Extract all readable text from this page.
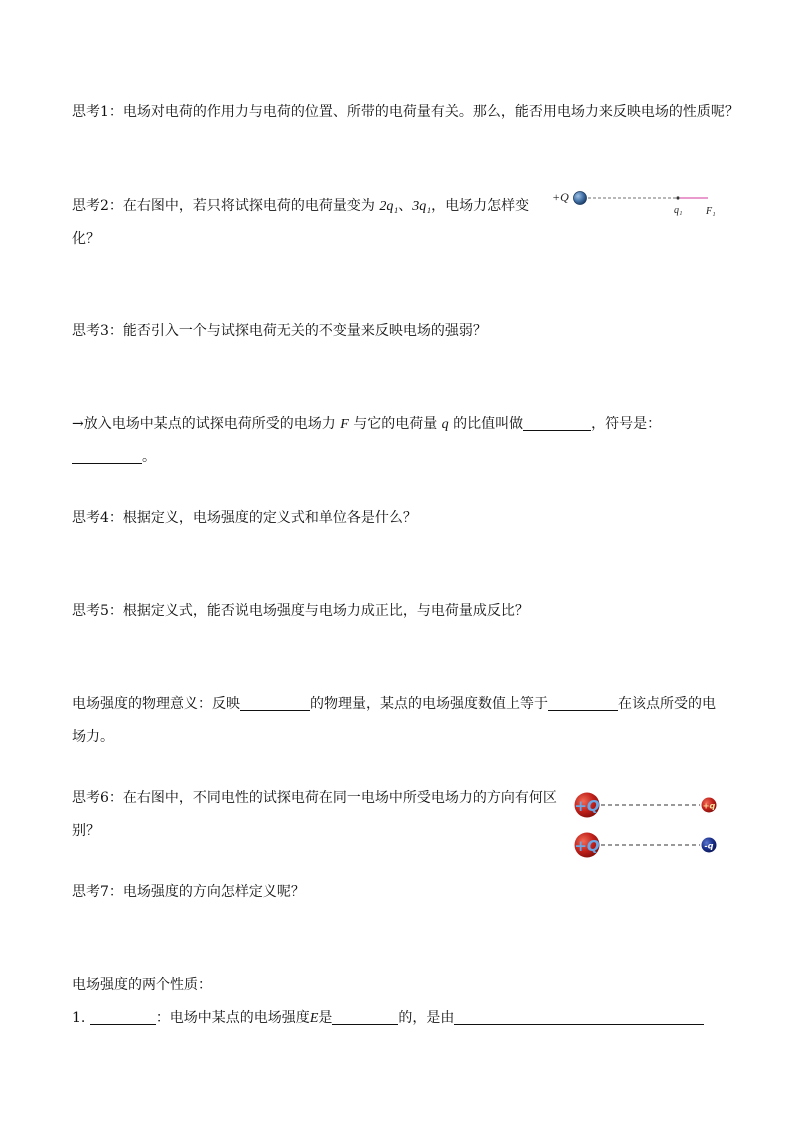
思考1：电场对电荷的作用力与电荷的位置、所带的电荷量有关。那么，能否用电场力来反映电场的性质呢？
思考2：在右图中，若只将试探电荷的电荷量变为 2q₁、3q₁，电场力怎样变
化？
+Q
q₁ F₁
思考3：能否引入一个与试探电荷无关的不变量来反映电场的强弱？
→放入电场中某点的试探电荷所受的电场力 F 与它的电荷量 q 的比值叫做	，符号是：
。
思考4：根据定义，电场强度的定义式和单位各是什么？
思考5：根据定义式，能否说电场强度与电场力成正比，与电荷量成反比？
电场强度的物理意义：反映	的物理量，某点的电场强度数值上等于	在该点所受的电
场力。
思考6：在右图中，不同电性的试探电荷在同一电场中所受电场力的方向有何区
别？
+Q	+q
+Q	-q
思考7：电场强度的方向怎样定义呢？
电场强度的两个性质：
1.	：电场中某点的电场强度E是	的，是由
